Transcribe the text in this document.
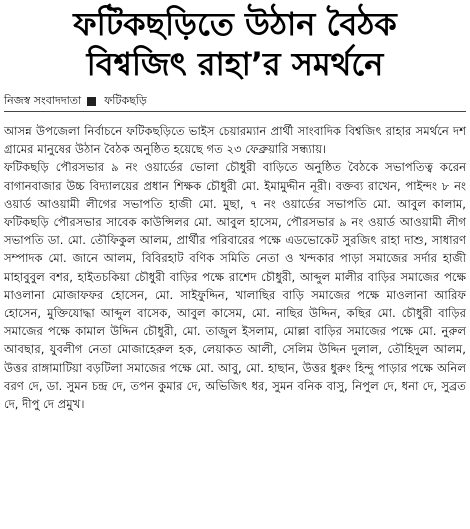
ফটিকছড়িতে উঠান বৈঠক
বিশ্বজিৎ রাহা’র সমর্থনে
নিজস্ব সংবাদদাতা ফটিকছড়ি

আসন্ন উপজেলা নির্বাচনে ফটিকছড়িতে ভাইস চেয়ারম্যান প্রার্থী সাংবাদিক বিশ্বজিৎ রাহার সমর্থনে দশ গ্রামের মানুষের উঠান বৈঠক অনুষ্ঠিত হয়েছে গত ২৩ ফেব্রুয়ারি সন্ধ্যায়।

ফটিকছড়ি পৌরসভার ৯ নং ওয়ার্ডের ভোলা চৌধুরী বাড়িতে অনুষ্ঠিত বৈঠকে সভাপতিত্ব করেন বাগানবাজার উচ্চ বিদ্যালয়ের প্রধান শিক্ষক চৌধুরী মো. ইমামুদ্দীন নূরী। বক্তব্য রাখেন, পাইন্দং ৮ নং ওয়ার্ড আওয়ামী লীগের সভাপতি হাজী মো. মুছা, ৭ নং ওয়ার্ডের সভাপতি মো. আবুল কালাম, ফটিকছড়ি পৌরসভার সাবেক কাউন্সিলর মো. আবুল হাসেম, পৌরসভার ৯ নং ওয়ার্ড আওয়ামী লীগ সভাপতি ডা. মো. তৌফিকুল আলম, প্রার্থীর পরিবারের পক্ষে এডভোকেট সুরজিৎ রাহা দাশু, সাধারণ সম্পাদক মো. জানে আলম, বিবিরহাট বণিক সমিতি নেতা ও খন্দকার পাড়া সমাজের সর্দার হাজী মাহাবুবুল বশর, হাইতচকিয়া চৌধুরী বাড়ির পক্ষে রাশেদ চৌধুরী, আব্দুল মালীর বাড়ির সমাজের পক্ষে মাওলানা মোজাফফর হোসেন, মো. সাইফুদ্দিন, খালাছির বাড়ি সমাজের পক্ষে মাওলানা আরিফ হোসেন, মুক্তিযোদ্ধা আব্দুল বাসেক, আবুল কাসেম, মো. নাছির উদ্দিন, কছির মো. চৌধুরী বাড়ির সমাজের পক্ষে কামাল উদ্দিন চৌধুরী, মো. তাজুল ইসলাম, মোল্লা বাড়ির সমাজের পক্ষে মো. নুরুল আবছার, যুবলীগ নেতা মোজাহেরুল হক, লেয়াকত আলী, সেলিম উদ্দিন দুলাল, তৌহিদুল আলম, উত্তর রাঙ্গামাটিয়া বড়টিলা সমাজের পক্ষে মো. আবু, মো. হাছান, উত্তর ধুরুং হিন্দু পাড়ার পক্ষে অনিল বরণ দে, ডা. সুমন চন্দ্র দে, তপন কুমার দে, অভিজিৎ ধর, সুমন বনিক বাসু, নিপুল দে, ধনা দে, সুব্রত দে, দীপু দে প্রমুখ।
